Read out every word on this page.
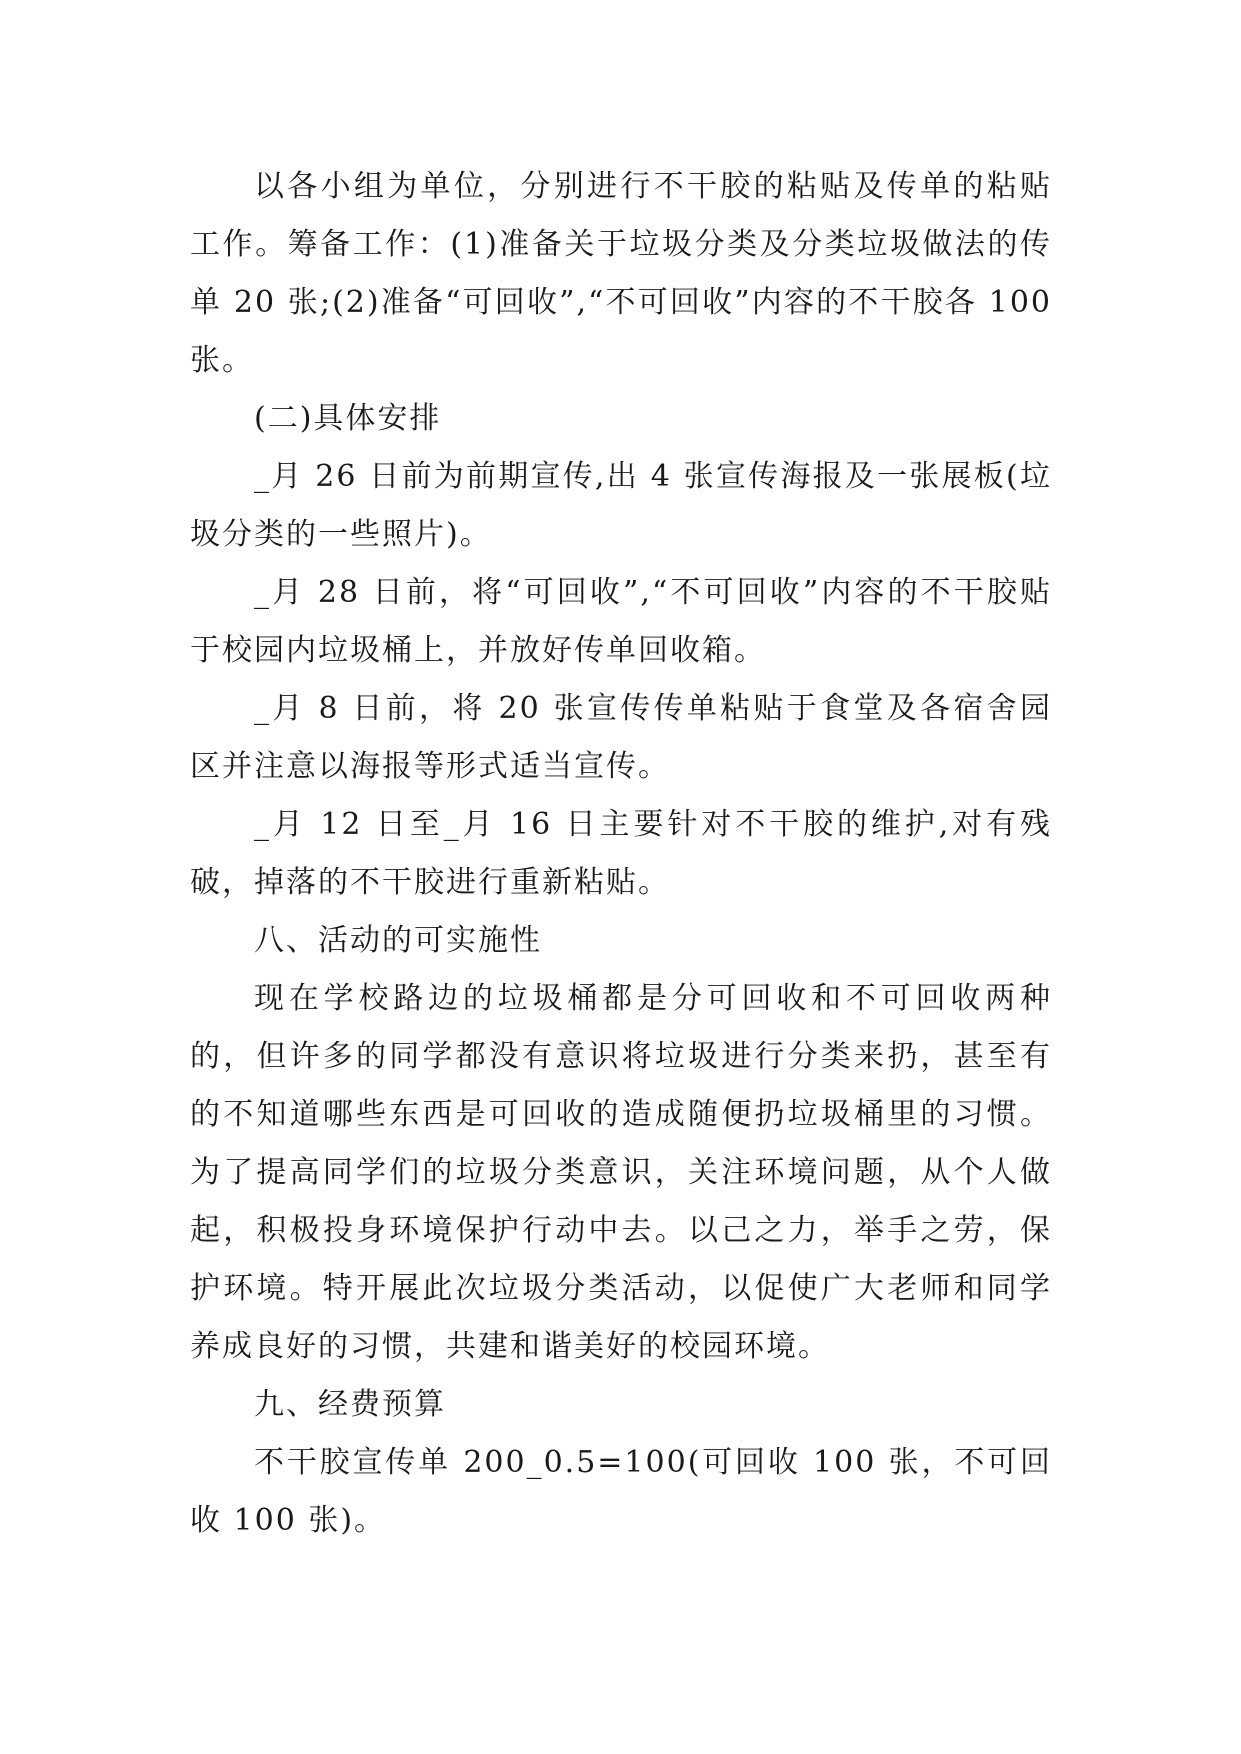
以各小组为单位，分别进行不干胶的粘贴及传单的粘贴工作。筹备工作：(1)准备关于垃圾分类及分类垃圾做法的传单 20 张;(2)准备“可回收”,“不可回收”内容的不干胶各 100 张。

(二)具体安排

_月 26 日前为前期宣传,出 4 张宣传海报及一张展板(垃圾分类的一些照片)。

_月 28 日前，将“可回收”,“不可回收”内容的不干胶贴于校园内垃圾桶上，并放好传单回收箱。

_月 8 日前，将 20 张宣传传单粘贴于食堂及各宿舍园区并注意以海报等形式适当宣传。

_月 12 日至_月 16 日主要针对不干胶的维护,对有残破，掉落的不干胶进行重新粘贴。

八、活动的可实施性

现在学校路边的垃圾桶都是分可回收和不可回收两种的，但许多的同学都没有意识将垃圾进行分类来扔，甚至有的不知道哪些东西是可回收的造成随便扔垃圾桶里的习惯。为了提高同学们的垃圾分类意识，关注环境问题，从个人做起，积极投身环境保护行动中去。以己之力，举手之劳，保护环境。特开展此次垃圾分类活动，以促使广大老师和同学养成良好的习惯，共建和谐美好的校园环境。

九、经费预算

不干胶宣传单 200_0.5=100(可回收 100 张，不可回收 100 张)。
